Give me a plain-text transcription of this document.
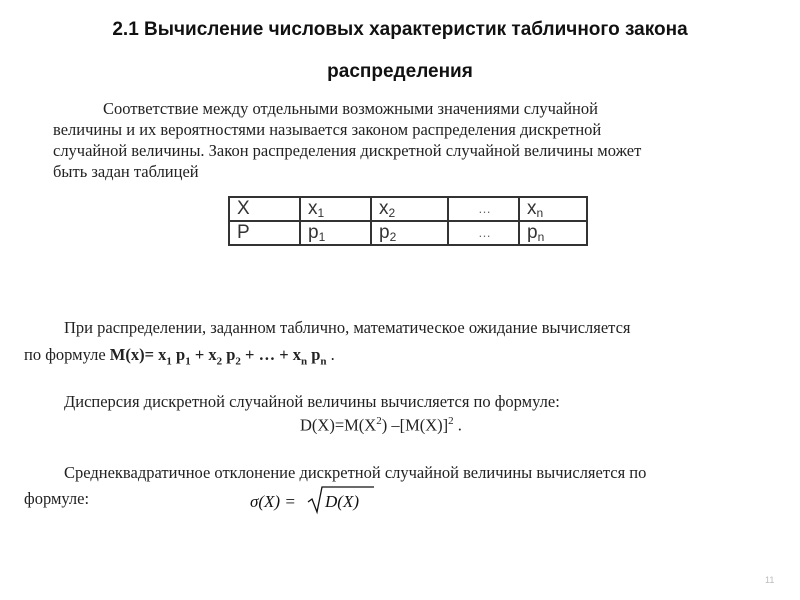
2.1 Вычисление числовых характеристик табличного закона
распределения
Соответствие между отдельными возможными значениями случайной
величины и их вероятностями называется законом распределения дискретной
случайной величины. Закон распределения дискретной случайной величины может
быть задан таблицей
X	$x_1$	$x_2$	…	$x_n$
P	$p_1$	$p_2$	…	$p_n$
При распределении, заданном таблично, математическое ожидание вычисляется
по формуле $M(x)= x_1$ $p_1 + x_2$ $p_2$ + … + $x_n$ $p_n$ .
Дисперсия дискретной случайной величины вычисляется по формуле:
$D(X)=M(X^2)$ $-[M(X)]^2$ .
Среднеквадратичное отклонение дискретной случайной величины вычисляется по
формуле:	σ(X) = D(X)
11
